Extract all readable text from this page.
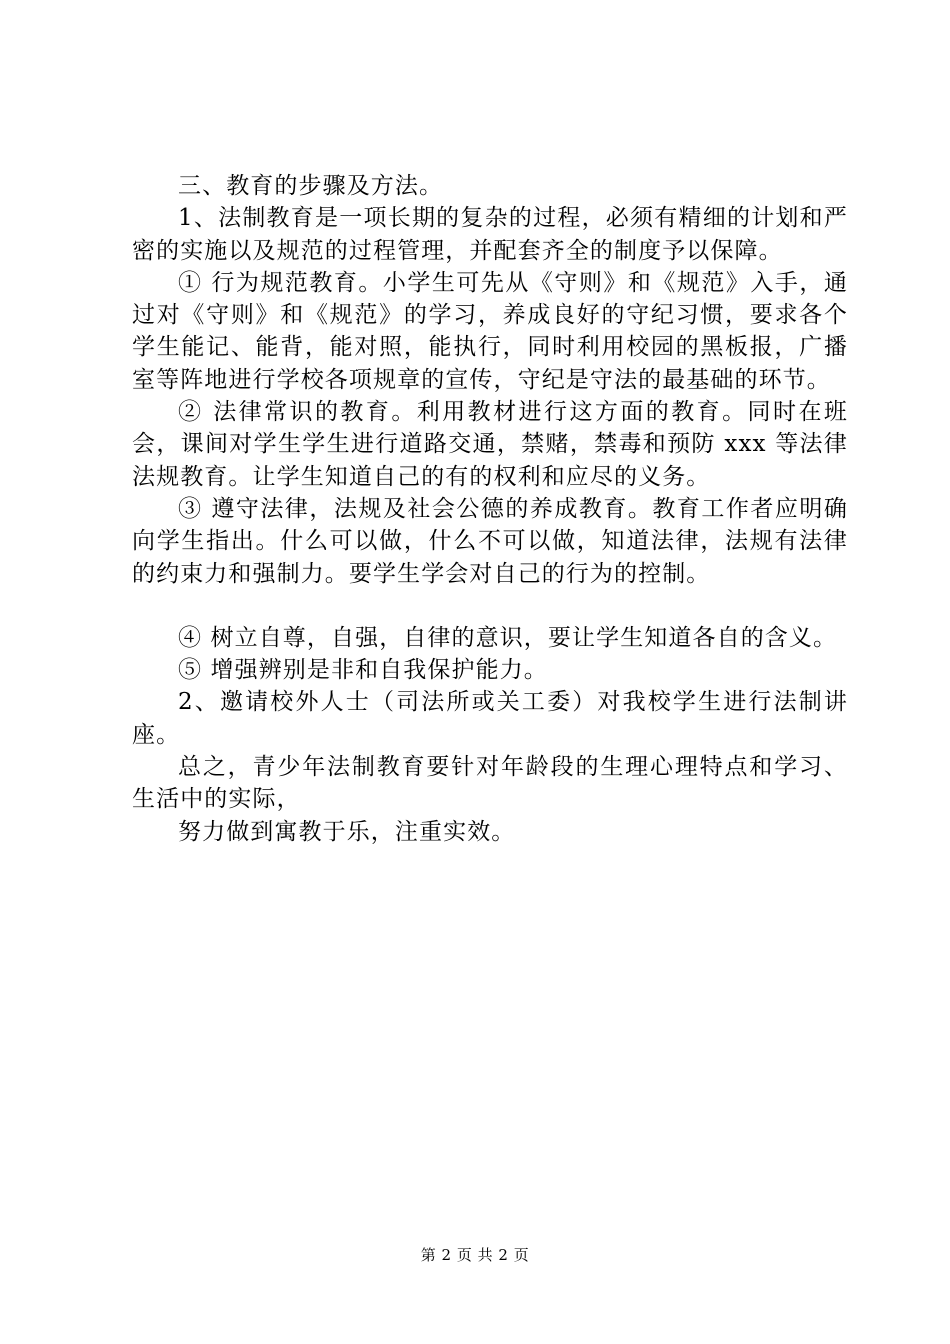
三、教育的步骤及方法。

1、法制教育是一项长期的复杂的过程，必须有精细的计划和严密的实施以及规范的过程管理，并配套齐全的制度予以保障。

① 行为规范教育。小学生可先从《守则》和《规范》入手，通过对《守则》和《规范》的学习，养成良好的守纪习惯，要求各个学生能记、能背，能对照，能执行，同时利用校园的黑板报，广播室等阵地进行学校各项规章的宣传，守纪是守法的最基础的环节。

② 法律常识的教育。利用教材进行这方面的教育。同时在班会，课间对学生学生进行道路交通，禁赌，禁毒和预防 xxx 等法律法规教育。让学生知道自己的有的权利和应尽的义务。

③ 遵守法律，法规及社会公德的养成教育。教育工作者应明确向学生指出。什么可以做，什么不可以做，知道法律，法规有法律的约束力和强制力。要学生学会对自己的行为的控制。

④ 树立自尊，自强，自律的意识，要让学生知道各自的含义。

⑤ 增强辨别是非和自我保护能力。

2、邀请校外人士（司法所或关工委）对我校学生进行法制讲座。

总之，青少年法制教育要针对年龄段的生理心理特点和学习、生活中的实际，

努力做到寓教于乐，注重实效。

第 2 页 共 2 页
